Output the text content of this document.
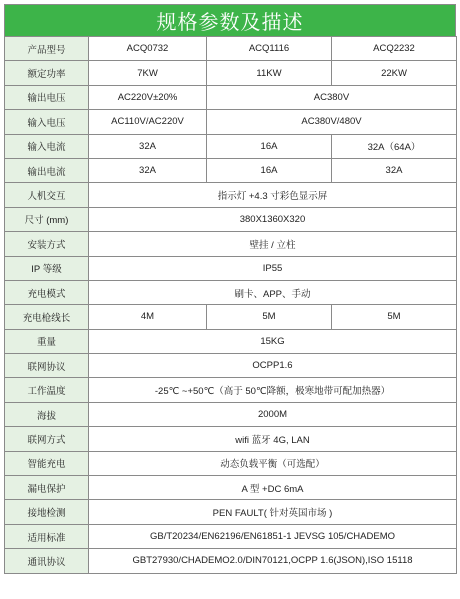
规格参数及描述
产品型号	ACQ0732	ACQ1116	ACQ2232
额定功率	7KW	11KW	22KW
输出电压	AC220V±20%	AC380V	
输入电压	AC110V/AC220V	AC380V/480V	
输入电流	32A	16A	32A（64A）
输出电流	32A	16A	32A
人机交互	指示灯 +4.3 寸彩色显示屏		
尺寸 (mm)	380X1360X320		
安装方式	壁挂 / 立柱		
IP 等级	IP55		
充电模式	刷卡、APP、手动		
充电枪线长	4M	5M	5M
重量	15KG		
联网协议	OCPP1.6		
工作温度	-25℃ ~+50℃（高于 50℃降额，极寒地带可配加热器）		
海拔	2000M		
联网方式	wifi 蓝牙 4G, LAN		
智能充电	动态负载平衡（可选配）		
漏电保护	A 型 +DC 6mA		
接地检测	PEN FAULT( 针对英国市场 )		
适用标准	GB/T20234/EN62196/EN61851-1 JEVSG 105/CHADEMO		
通讯协议	GBT27930/CHADEMO2.0/DIN70121,OCPP 1.6(JSON),ISO 15118		
